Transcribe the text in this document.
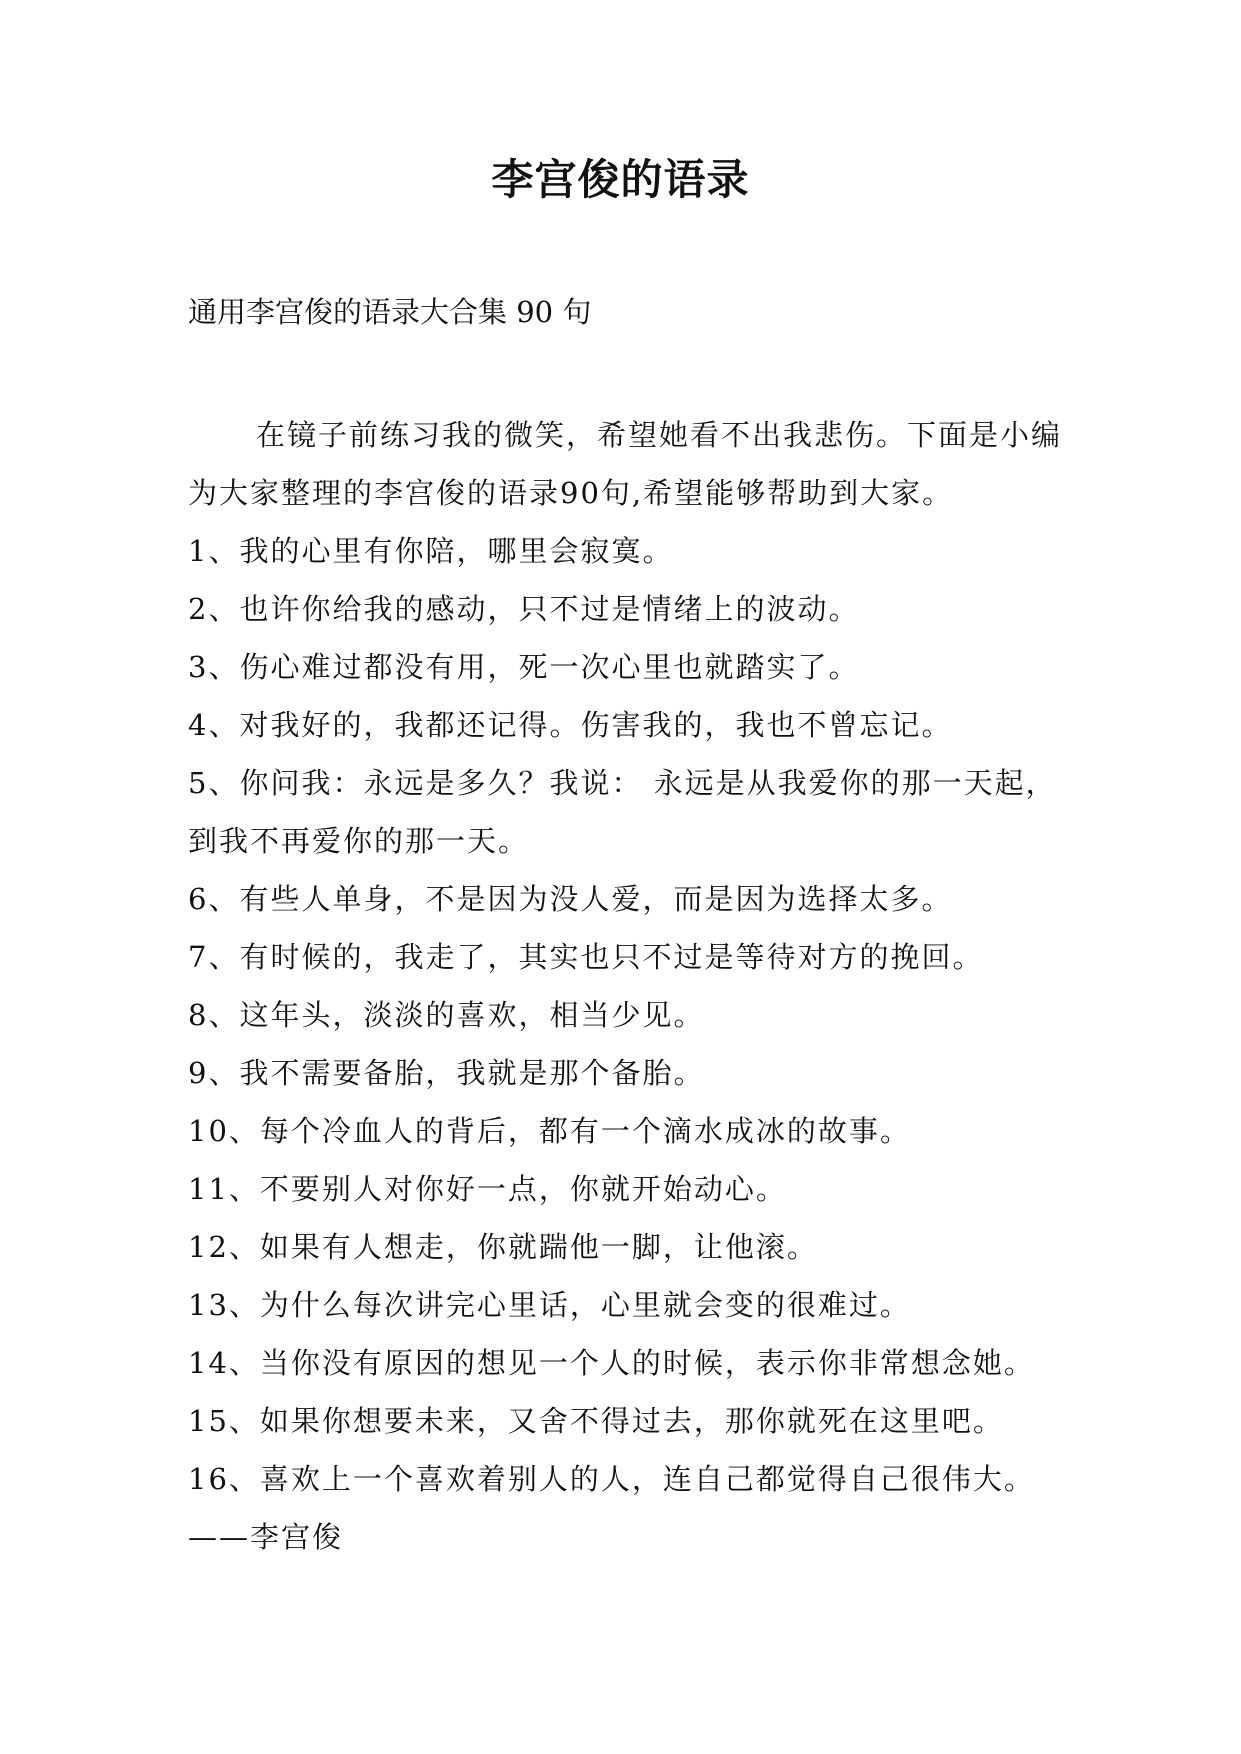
李宫俊的语录
通用李宫俊的语录大合集 90 句

在镜子前练习我的微笑，希望她看不出我悲伤。下面是小编为大家整理的李宫俊的语录90句,希望能够帮助到大家。

1、我的心里有你陪，哪里会寂寞。
2、也许你给我的感动，只不过是情绪上的波动。
3、伤心难过都没有用，死一次心里也就踏实了。
4、对我好的，我都还记得。伤害我的，我也不曾忘记。
5、你问我：永远是多久？我说： 永远是从我爱你的那一天起，到我不再爱你的那一天。
6、有些人单身，不是因为没人爱，而是因为选择太多。
7、有时候的，我走了，其实也只不过是等待对方的挽回。
8、这年头，淡淡的喜欢，相当少见。
9、我不需要备胎，我就是那个备胎。
10、每个冷血人的背后，都有一个滴水成冰的故事。
11、不要别人对你好一点，你就开始动心。
12、如果有人想走，你就踹他一脚，让他滚。
13、为什么每次讲完心里话，心里就会变的很难过。
14、当你没有原因的想见一个人的时候，表示你非常想念她。
15、如果你想要未来，又舍不得过去，那你就死在这里吧。
16、喜欢上一个喜欢着别人的人，连自己都觉得自己很伟大。

——李宫俊
